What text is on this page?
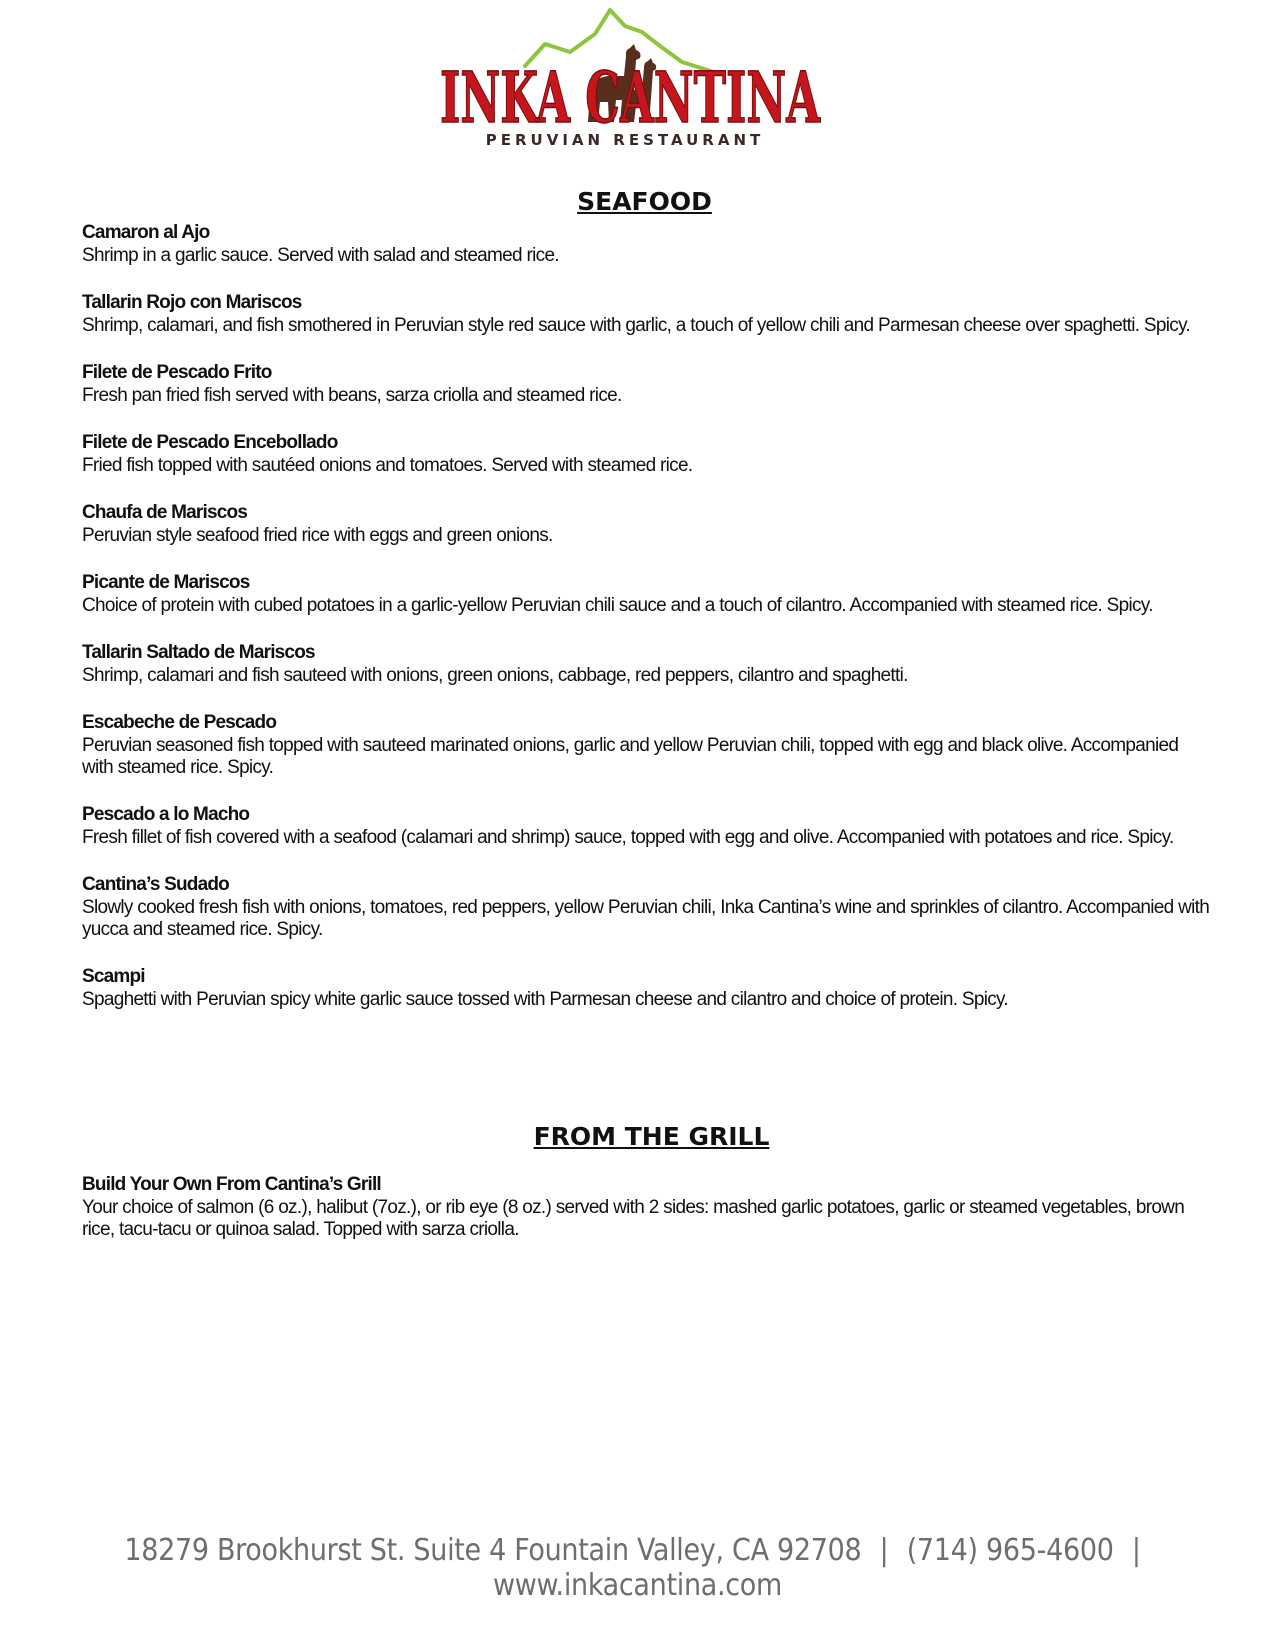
INKA CANTINA
PERUVIAN RESTAURANT
SEAFOOD
Camaron al Ajo
Shrimp in a garlic sauce. Served with salad and steamed rice.
Tallarin Rojo con Mariscos
Shrimp, calamari, and fish smothered in Peruvian style red sauce with garlic, a touch of yellow chili and Parmesan cheese over spaghetti. Spicy.
Filete de Pescado Frito
Fresh pan fried fish served with beans, sarza criolla and steamed rice.
Filete de Pescado Encebollado
Fried fish topped with sautéed onions and tomatoes. Served with steamed rice.
Chaufa de Mariscos
Peruvian style seafood fried rice with eggs and green onions.
Picante de Mariscos
Choice of protein with cubed potatoes in a garlic-yellow Peruvian chili sauce and a touch of cilantro. Accompanied with steamed rice. Spicy.
Tallarin Saltado de Mariscos
Shrimp, calamari and fish sauteed with onions, green onions, cabbage, red peppers, cilantro and spaghetti.
Escabeche de Pescado
Peruvian seasoned fish topped with sauteed marinated onions, garlic and yellow Peruvian chili, topped with egg and black olive. Accompanied with steamed rice. Spicy.
Pescado a lo Macho
Fresh fillet of fish covered with a seafood (calamari and shrimp) sauce, topped with egg and olive. Accompanied with potatoes and rice. Spicy.
Cantina’s Sudado
Slowly cooked fresh fish with onions, tomatoes, red peppers, yellow Peruvian chili, Inka Cantina’s wine and sprinkles of cilantro. Accompanied with yucca and steamed rice. Spicy.
Scampi
Spaghetti with Peruvian spicy white garlic sauce tossed with Parmesan cheese and cilantro and choice of protein. Spicy.
FROM THE GRILL
Build Your Own From Cantina’s Grill
Your choice of salmon (6 oz.), halibut (7oz.), or rib eye (8 oz.) served with 2 sides: mashed garlic potatoes, garlic or steamed vegetables, brown rice, tacu-tacu or quinoa salad. Topped with sarza criolla.
18279 Brookhurst St. Suite 4 Fountain Valley, CA 92708 | (714) 965-4600 | www.inkacantina.com
